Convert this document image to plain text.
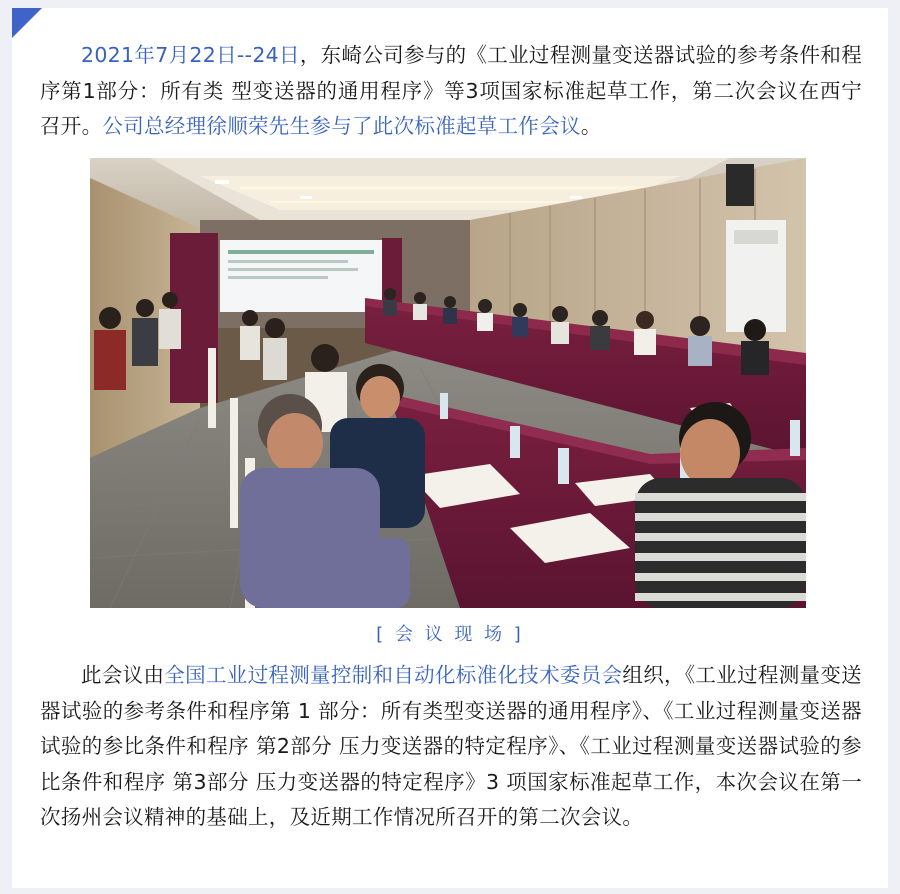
2021年7月22日--24日，东崎公司参与的《工业过程测量变送器试验的参考条件和程序第1部分：所有类 型变送器的通用程序》等3项国家标准起草工作，第二次会议在西宁召开。公司总经理徐顺荣先生参与了此次标准起草工作会议。

[ 会 议 现 场 ]

此会议由全国工业过程测量控制和自动化标准化技术委员会组织，《工业过程测量变送器试验的参考条件和程序第 1 部分：所有类型变送器的通用程序》、《工业过程测量变送器试验的参比条件和程序 第2部分 压力变送器的特定程序》、《工业过程测量变送器试验的参比条件和程序 第3部分 压力变送器的特定程序》3 项国家标准起草工作，本次会议在第一次扬州会议精神的基础上，及近期工作情况所召开的第二次会议。
